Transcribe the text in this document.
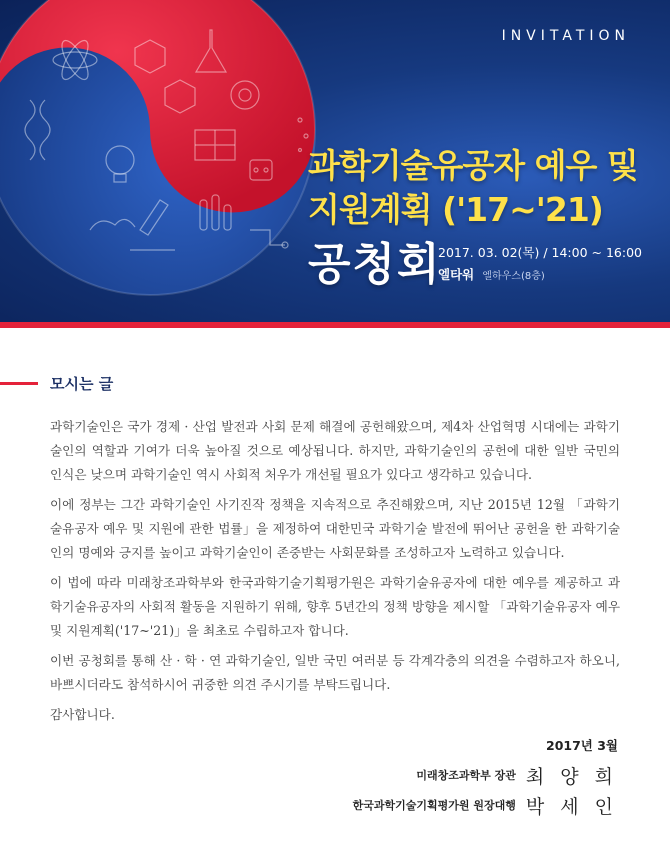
INVITATION
과학기술유공자 예우 및
지원계획 ('17~'21)
공청회
2017. 03. 02(목) / 14:00 ~ 16:00
엘타워 엘하우스(8층)
모시는 글

과학기술인은 국가 경제 · 산업 발전과 사회 문제 해결에 공헌해왔으며, 제4차 산업혁명 시대에는 과학기술인의 역할과 기여가 더욱 높아질 것으로 예상됩니다. 하지만, 과학기술인의 공헌에 대한 일반 국민의 인식은 낮으며 과학기술인 역시 사회적 처우가 개선될 필요가 있다고 생각하고 있습니다.

이에 정부는 그간 과학기술인 사기진작 정책을 지속적으로 추진해왔으며, 지난 2015년 12월 「과학기술유공자 예우 및 지원에 관한 법률」을 제정하여 대한민국 과학기술 발전에 뛰어난 공헌을 한 과학기술인의 명예와 긍지를 높이고 과학기술인이 존중받는 사회문화를 조성하고자 노력하고 있습니다.

이 법에 따라 미래창조과학부와 한국과학기술기획평가원은 과학기술유공자에 대한 예우를 제공하고 과학기술유공자의 사회적 활동을 지원하기 위해, 향후 5년간의 정책 방향을 제시할 「과학기술유공자 예우 및 지원계획('17~'21)」을 최초로 수립하고자 합니다.

이번 공청회를 통해 산 · 학 · 연 과학기술인, 일반 국민 여러분 등 각계각층의 의견을 수렴하고자 하오니, 바쁘시더라도 참석하시어 귀중한 의견 주시기를 부탁드립니다.

감사합니다.

2017년 3월
미래창조과학부 장관 최 양 희
한국과학기술기획평가원 원장대행 박 세 인
